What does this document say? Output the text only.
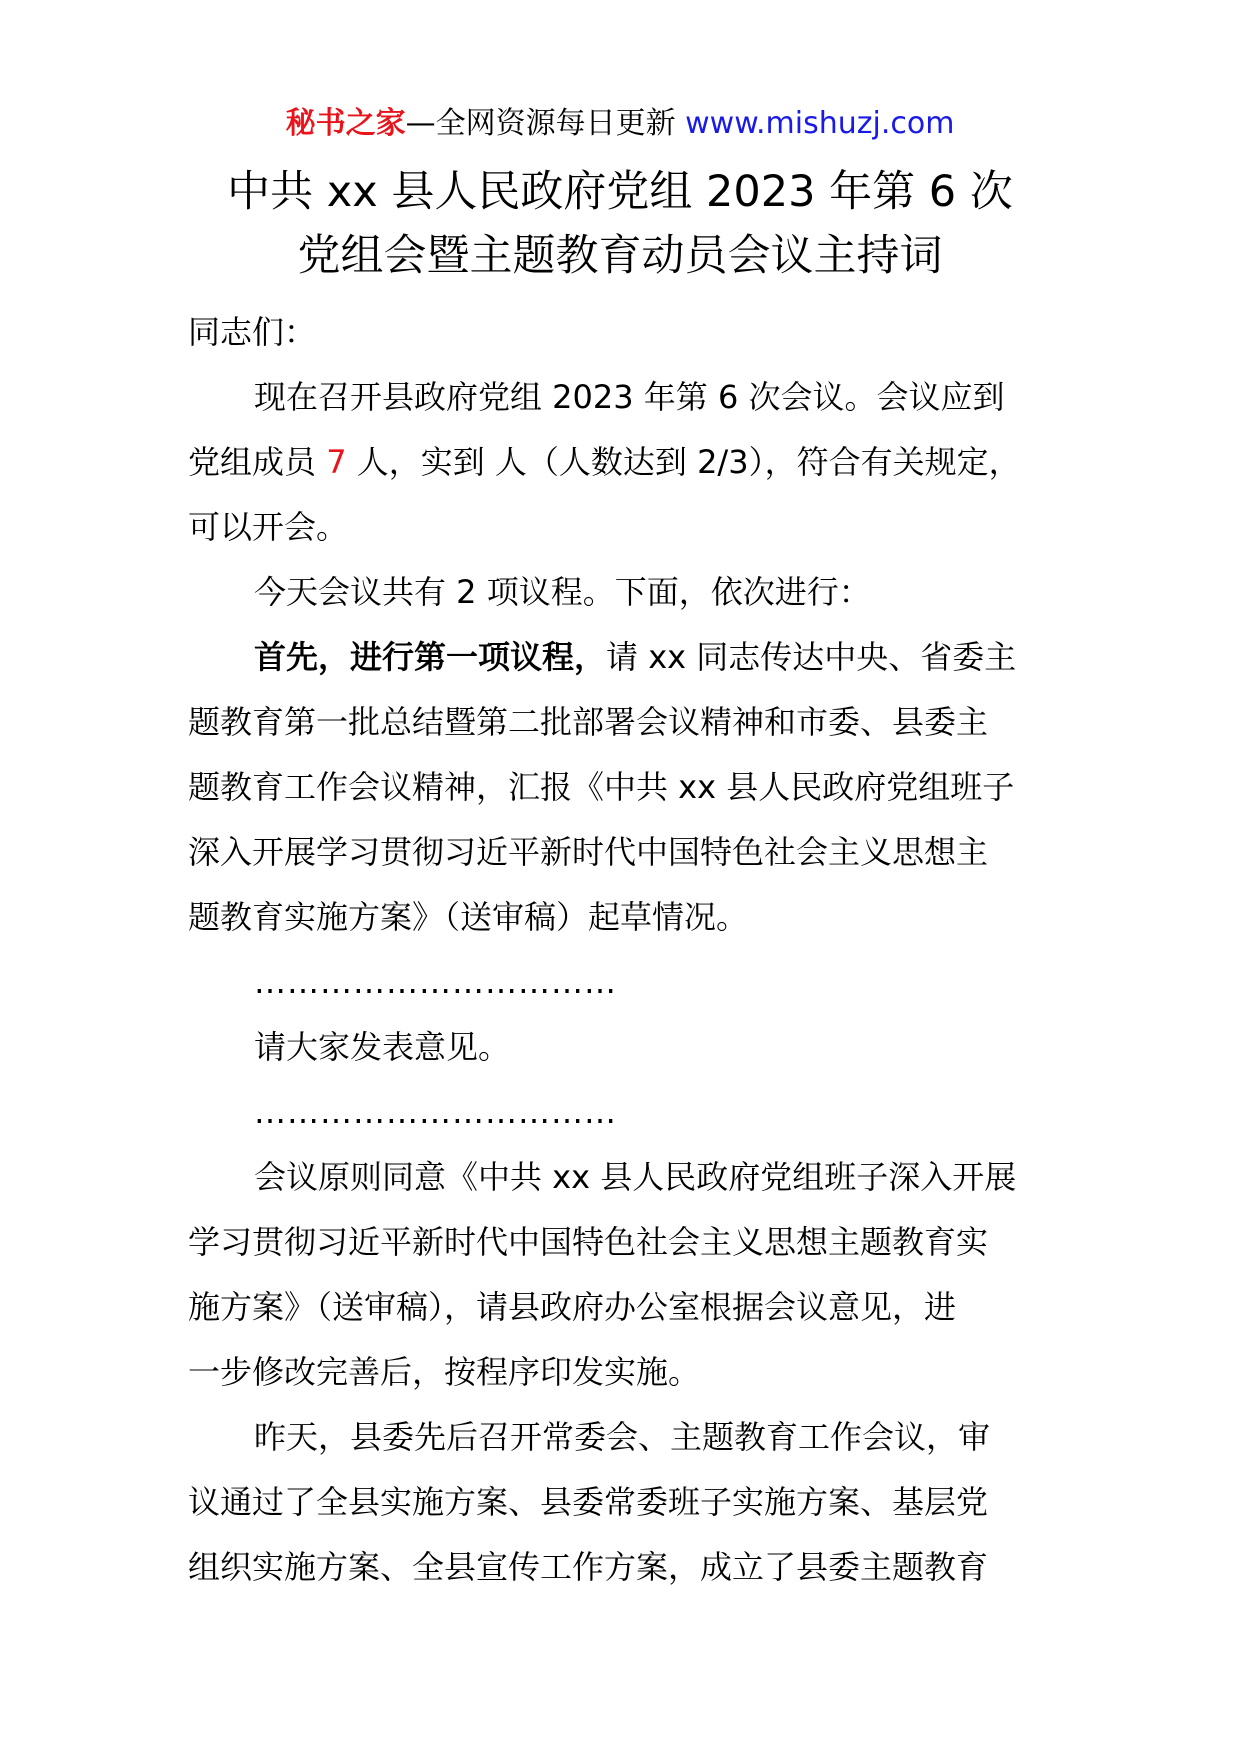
秘书之家—全网资源每日更新 www.mishuzj.com
中共 xx 县人民政府党组 2023 年第 6 次
党组会暨主题教育动员会议主持词
同志们：
现在召开县政府党组 2023 年第 6 次会议。会议应到
党组成员 7 人，实到 人（人数达到 2/3），符合有关规定，
可以开会。
今天会议共有 2 项议程。下面，依次进行：
首先，进行第一项议程，请 xx 同志传达中央、省委主
题教育第一批总结暨第二批部署会议精神和市委、县委主
题教育工作会议精神，汇报《中共 xx 县人民政府党组班子
深入开展学习贯彻习近平新时代中国特色社会主义思想主
题教育实施方案》（送审稿）起草情况。
……………………………
请大家发表意见。
……………………………
会议原则同意《中共 xx 县人民政府党组班子深入开展
学习贯彻习近平新时代中国特色社会主义思想主题教育实
施方案》（送审稿），请县政府办公室根据会议意见，进
一步修改完善后，按程序印发实施。
昨天，县委先后召开常委会、主题教育工作会议，审
议通过了全县实施方案、县委常委班子实施方案、基层党
组织实施方案、全县宣传工作方案，成立了县委主题教育
